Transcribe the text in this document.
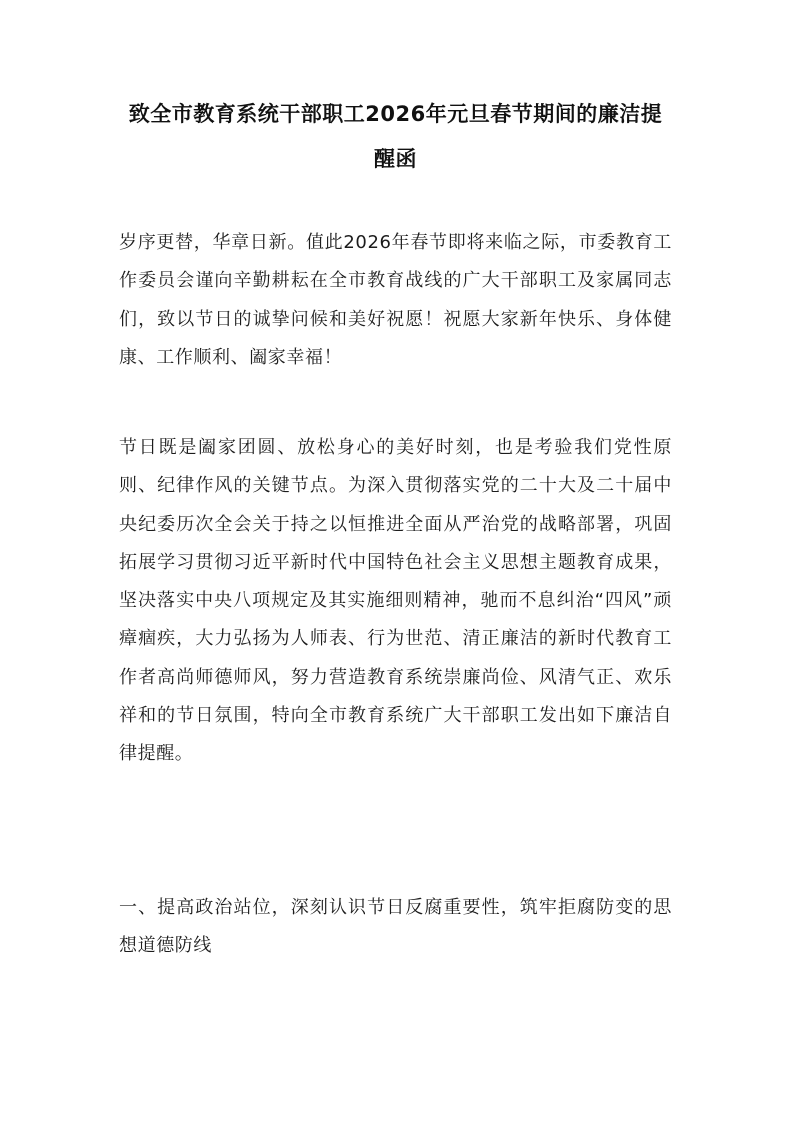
致全市教育系统干部职工2026年元旦春节期间的廉洁提醒函

岁序更替，华章日新。值此2026年春节即将来临之际，市委教育工作委员会谨向辛勤耕耘在全市教育战线的广大干部职工及家属同志们，致以节日的诚挚问候和美好祝愿！祝愿大家新年快乐、身体健康、工作顺利、阖家幸福！

节日既是阖家团圆、放松身心的美好时刻，也是考验我们党性原则、纪律作风的关键节点。为深入贯彻落实党的二十大及二十届中央纪委历次全会关于持之以恒推进全面从严治党的战略部署，巩固拓展学习贯彻习近平新时代中国特色社会主义思想主题教育成果，坚决落实中央八项规定及其实施细则精神，驰而不息纠治“四风”顽瘴痼疾，大力弘扬为人师表、行为世范、清正廉洁的新时代教育工作者高尚师德师风，努力营造教育系统崇廉尚俭、风清气正、欢乐祥和的节日氛围，特向全市教育系统广大干部职工发出如下廉洁自律提醒。

一、提高政治站位，深刻认识节日反腐重要性，筑牢拒腐防变的思想道德防线
